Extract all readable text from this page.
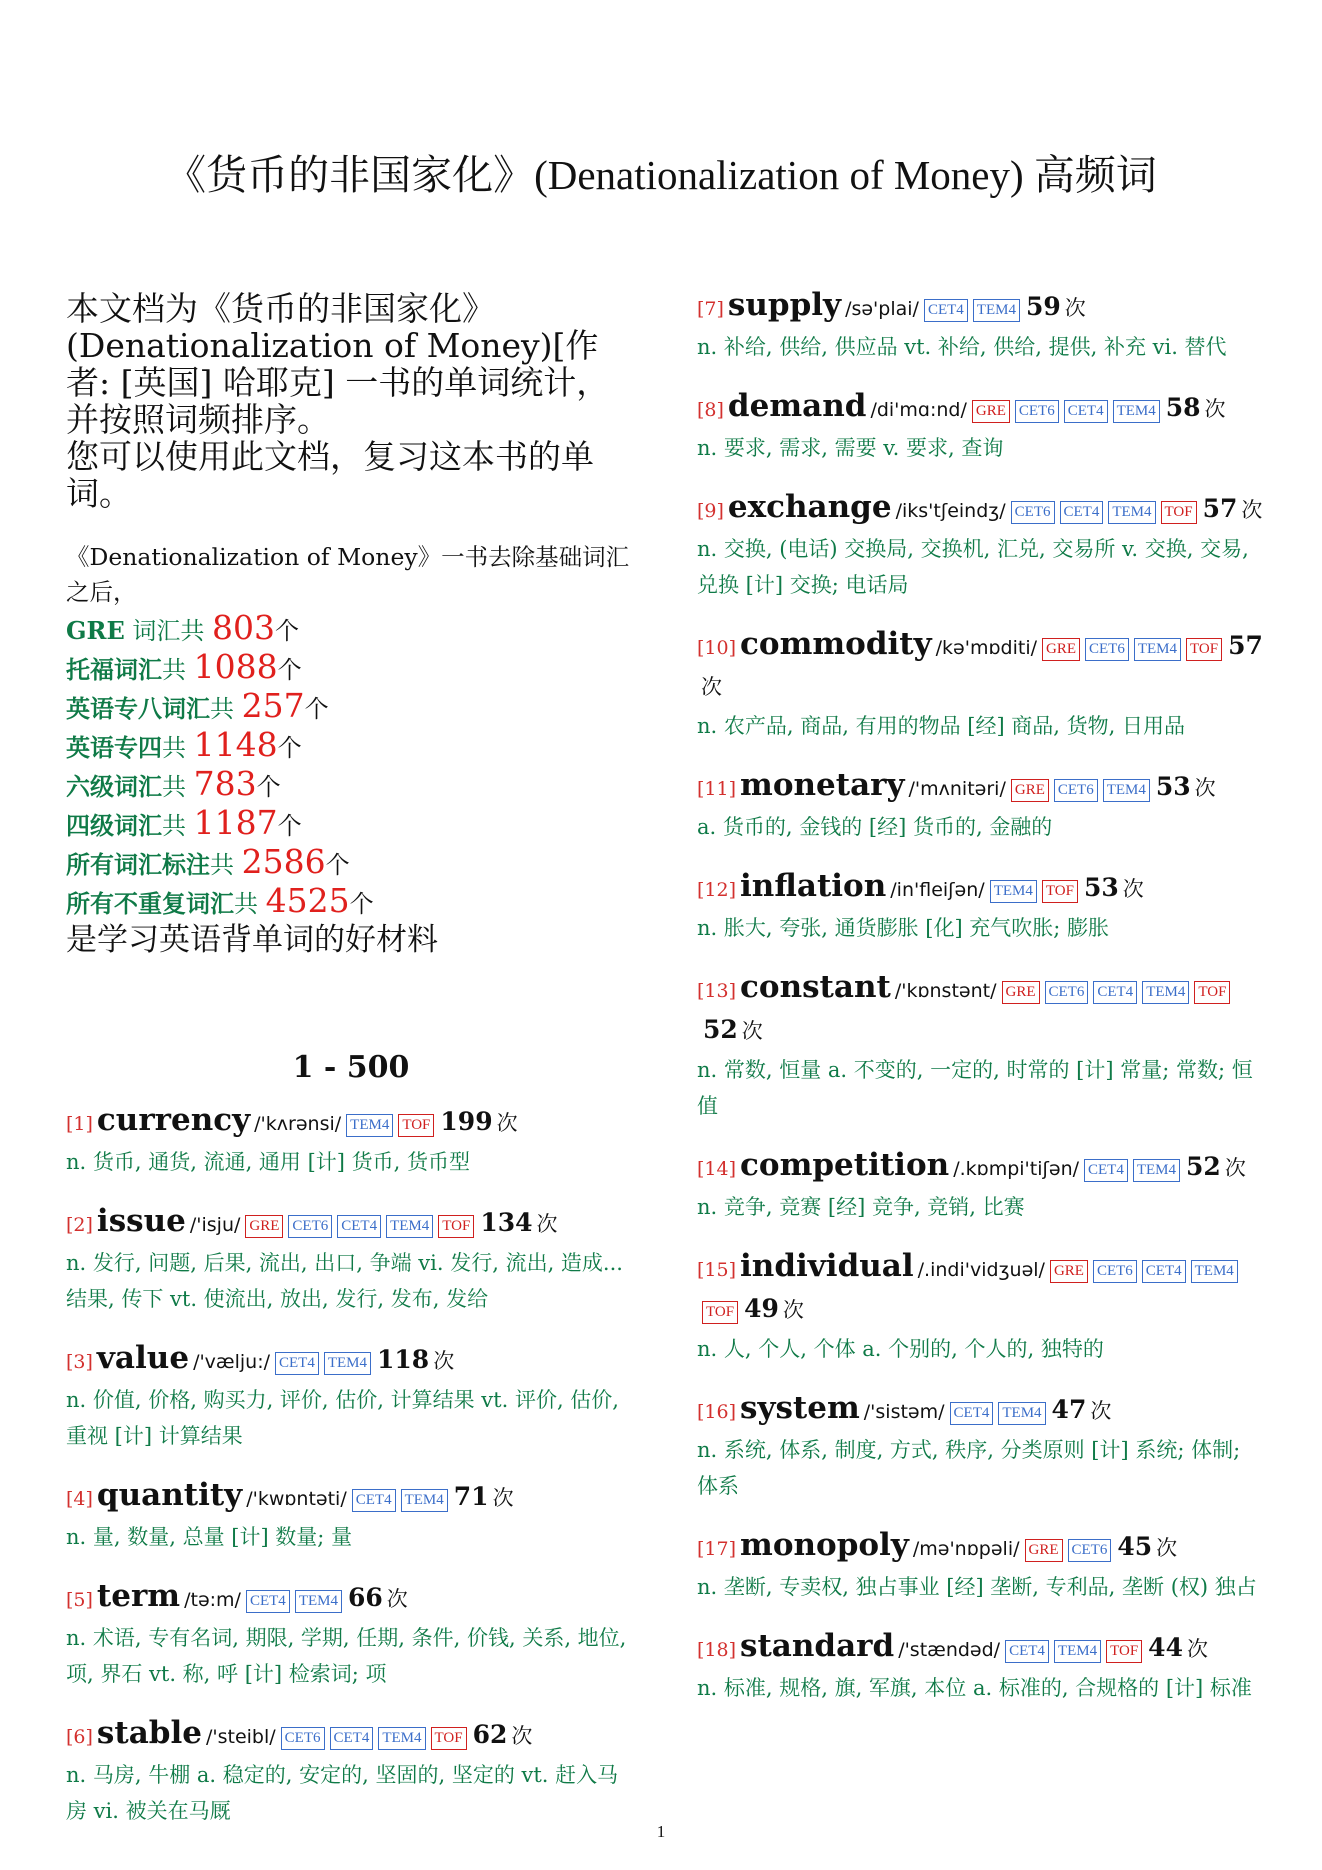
《货币的非国家化》(Denationalization of Money) 高频词

本文档为《货币的非国家化》(Denationalization of Money)[作者: [英国] 哈耶克] 一书的单词统计，并按照词频排序。

您可以使用此文档，复习这本书的单词。

《Denationalization of Money》一书去除基础词汇之后，
GRE 词汇共 803个
托福词汇共 1088个
英语专八词汇共 257个
英语专四共 1148个
六级词汇共 783个
四级词汇共 1187个
所有词汇标注共 2586个
所有不重复词汇共 4525个
是学习英语背单词的好材料
1 - 500
[1] currency /'kʌrənsi/ TEM4 TOF 199 次
n. 货币, 通货, 流通, 通用 [计] 货币, 货币型
[2] issue /'isju/ GRE CET6 CET4 TEM4 TOF 134 次
n. 发行, 问题, 后果, 流出, 出口, 争端 vi. 发行, 流出, 造成... 结果, 传下 vt. 使流出, 放出, 发行, 发布, 发给
[3] value /'vælju:/ CET4 TEM4 118 次
n. 价值, 价格, 购买力, 评价, 估价, 计算结果 vt. 评价, 估价, 重视 [计] 计算结果
[4] quantity /'kwɒntəti/ CET4 TEM4 71 次
n. 量, 数量, 总量 [计] 数量; 量
[5] term /tə:m/ CET4 TEM4 66 次
n. 术语, 专有名词, 期限, 学期, 任期, 条件, 价钱, 关系, 地位, 项, 界石 vt. 称, 呼 [计] 检索词; 项
[6] stable /'steibl/ CET6 CET4 TEM4 TOF 62 次
n. 马房, 牛棚 a. 稳定的, 安定的, 坚固的, 坚定的 vt. 赶入马房 vi. 被关在马厩
[7] supply /sə'plai/ CET4 TEM4 59 次
n. 补给, 供给, 供应品 vt. 补给, 供给, 提供, 补充 vi. 替代
[8] demand /di'mɑ:nd/ GRE CET6 CET4 TEM4 58 次
n. 要求, 需求, 需要 v. 要求, 查询
[9] exchange /iks'tʃeindʒ/ CET6 CET4 TEM4 TOF 57 次
n. 交换, (电话) 交换局, 交换机, 汇兑, 交易所 v. 交换, 交易, 兑换 [计] 交换; 电话局
[10] commodity /kə'mɒditi/ GRE CET6 TEM4 TOF 57次
n. 农产品, 商品, 有用的物品 [经] 商品, 货物, 日用品
[11] monetary /'mʌnitəri/ GRE CET6 TEM4 53 次
a. 货币的, 金钱的 [经] 货币的, 金融的
[12] inflation /in'fleiʃən/ TEM4 TOF 53 次
n. 胀大, 夸张, 通货膨胀 [化] 充气吹胀; 膨胀
[13] constant /'kɒnstənt/ GRE CET6 CET4 TEM4 TOF52 次
n. 常数, 恒量 a. 不变的, 一定的, 时常的 [计] 常量; 常数; 恒值
[14] competition /.kɒmpi'tiʃən/ CET4 TEM4 52 次
n. 竞争, 竞赛 [经] 竞争, 竞销, 比赛
[15] individual /.indi'vidʒuəl/ GRE CET6 CET4 TEM4TOF 49 次
n. 人, 个人, 个体 a. 个别的, 个人的, 独特的
[16] system /'sistəm/ CET4 TEM4 47 次
n. 系统, 体系, 制度, 方式, 秩序, 分类原则 [计] 系统; 体制; 体系
[17] monopoly /mə'nɒpəli/ GRE CET6 45 次
n. 垄断, 专卖权, 独占事业 [经] 垄断, 专利品, 垄断 (权) 独占
[18] standard /'stændəd/ CET4 TEM4 TOF 44 次
n. 标准, 规格, 旗, 军旗, 本位 a. 标准的, 合规格的 [计] 标准
1
